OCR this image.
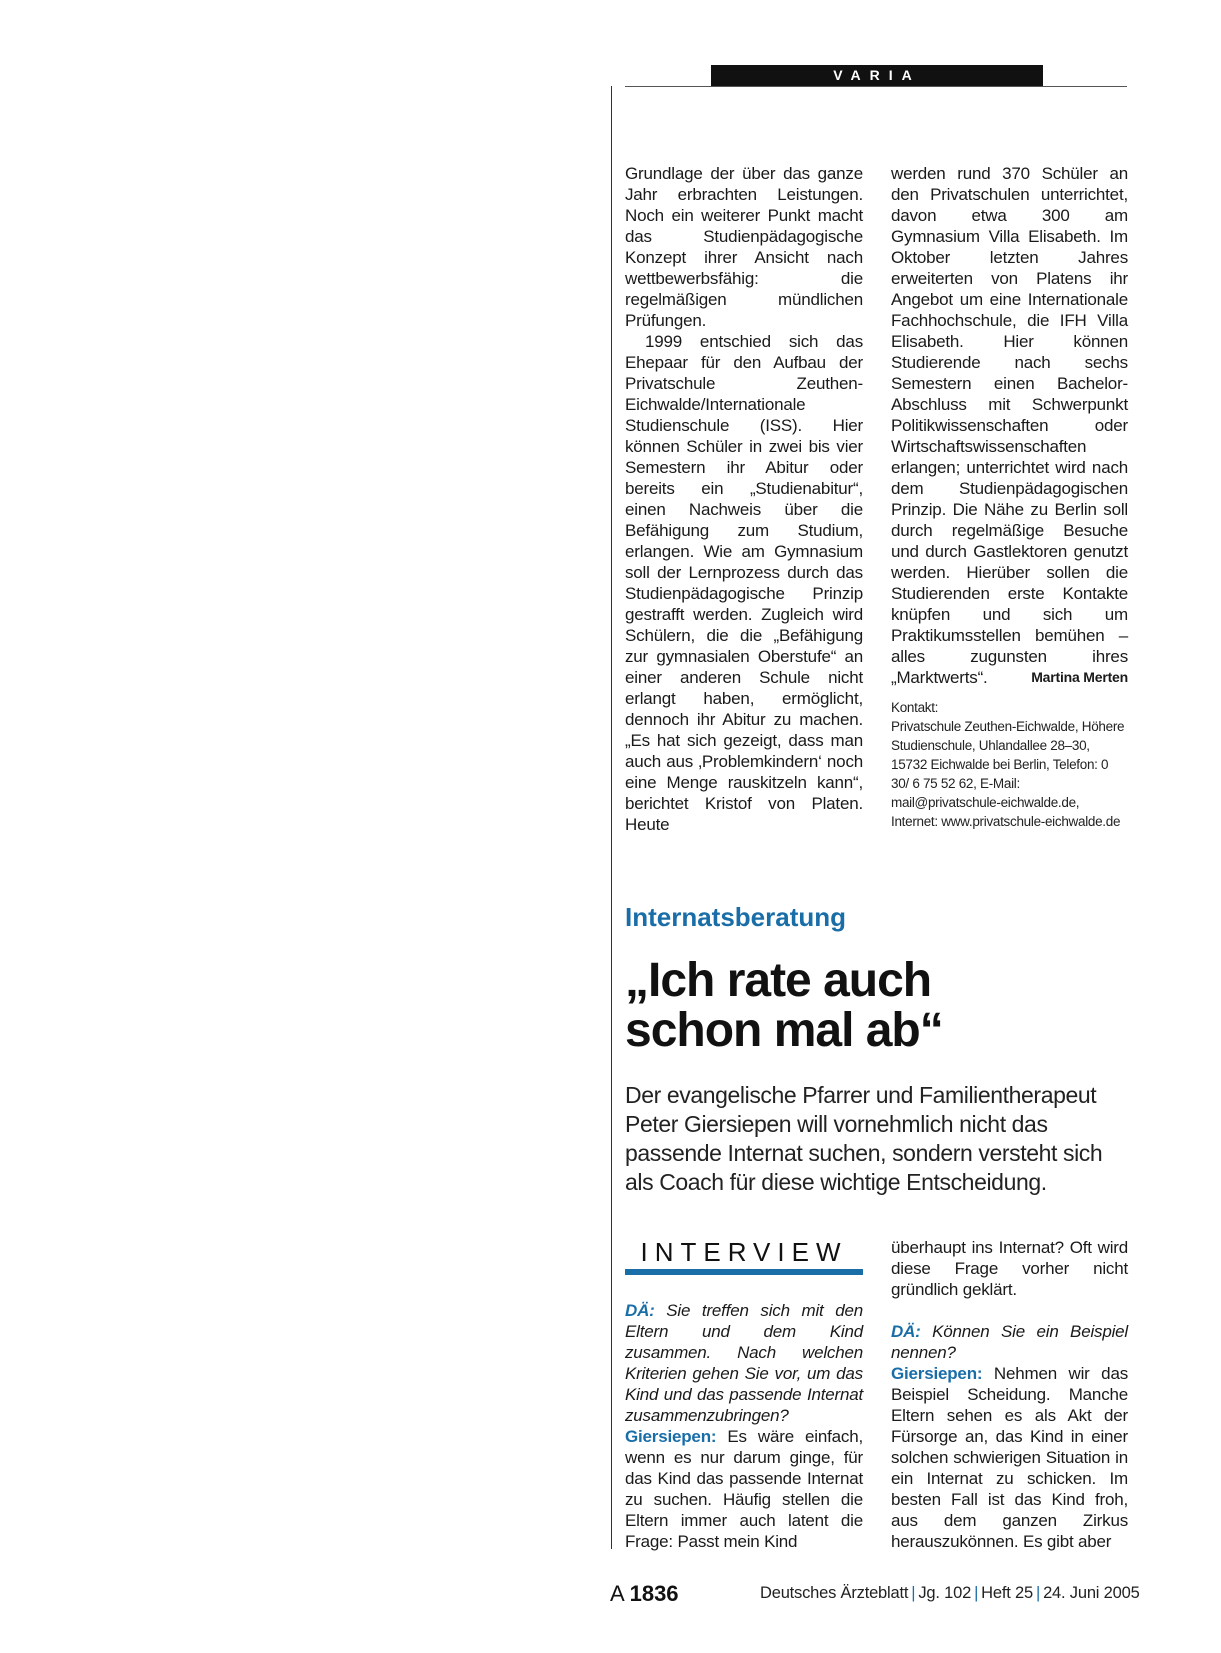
VARIA

Grundlage der über das ganze Jahr erbrachten Leistungen. Noch ein weiterer Punkt macht das Studienpädagogische Konzept ihrer Ansicht nach wettbewerbsfähig: die regelmäßigen mündlichen Prüfungen.

1999 entschied sich das Ehepaar für den Aufbau der Privatschule Zeuthen-Eichwalde/Internationale Studienschule (ISS). Hier können Schüler in zwei bis vier Semestern ihr Abitur oder bereits ein „Studienabitur“, einen Nachweis über die Befähigung zum Studium, erlangen. Wie am Gymnasium soll der Lernprozess durch das Studienpädagogische Prinzip gestrafft werden. Zugleich wird Schülern, die die „Befähigung zur gymnasialen Oberstufe“ an einer anderen Schule nicht erlangt haben, ermöglicht, dennoch ihr Abitur zu machen. „Es hat sich gezeigt, dass man auch aus ‚Problemkindern‘ noch eine Menge rauskitzeln kann“, berichtet Kristof von Platen. Heute

werden rund 370 Schüler an den Privatschulen unterrichtet, davon etwa 300 am Gymnasium Villa Elisabeth. Im Oktober letzten Jahres erweiterten von Platens ihr Angebot um eine Internationale Fachhochschule, die IFH Villa Elisabeth. Hier können Studierende nach sechs Semestern einen Bachelor-Abschluss mit Schwerpunkt Politikwissenschaften oder Wirtschaftswissenschaften erlangen; unterrichtet wird nach dem Studienpädagogischen Prinzip. Die Nähe zu Berlin soll durch regelmäßige Besuche und durch Gastlektoren genutzt werden. Hierüber sollen die Studierenden erste Kontakte knüpfen und sich um Praktikumsstellen bemühen – alles zugunsten ihres „Marktwerts“.	Martina Merten

Kontakt:
Privatschule Zeuthen-Eichwalde, Höhere Studienschule, Uhlandallee 28–30, 15732 Eichwalde bei Berlin, Telefon: 0 30/ 6 75 52 62, E-Mail: mail@privatschule-eichwalde.de, Internet: www.privatschule-eichwalde.de
Internatsberatung
„Ich rate auch
schon mal ab“
Der evangelische Pfarrer und Familientherapeut Peter Giersiepen will vornehmlich nicht das passende Internat suchen, sondern versteht sich als Coach für diese wichtige Entscheidung.
INTERVIEW

DÄ: Sie treffen sich mit den Eltern und dem Kind zusammen. Nach welchen Kriterien gehen Sie vor, um das Kind und das passende Internat zusammenzubringen?

Giersiepen: Es wäre einfach, wenn es nur darum ginge, für das Kind das passende Internat zu suchen. Häufig stellen die Eltern immer auch latent die Frage: Passt mein Kind

überhaupt ins Internat? Oft wird diese Frage vorher nicht gründlich geklärt.

DÄ: Können Sie ein Beispiel nennen?

Giersiepen: Nehmen wir das Beispiel Scheidung. Manche Eltern sehen es als Akt der Fürsorge an, das Kind in einer solchen schwierigen Situation in ein Internat zu schicken. Im besten Fall ist das Kind froh, aus dem ganzen Zirkus herauszukönnen. Es gibt aber

A 1836	Deutsches Ärzteblatt | Jg. 102 | Heft 25 | 24. Juni 2005
